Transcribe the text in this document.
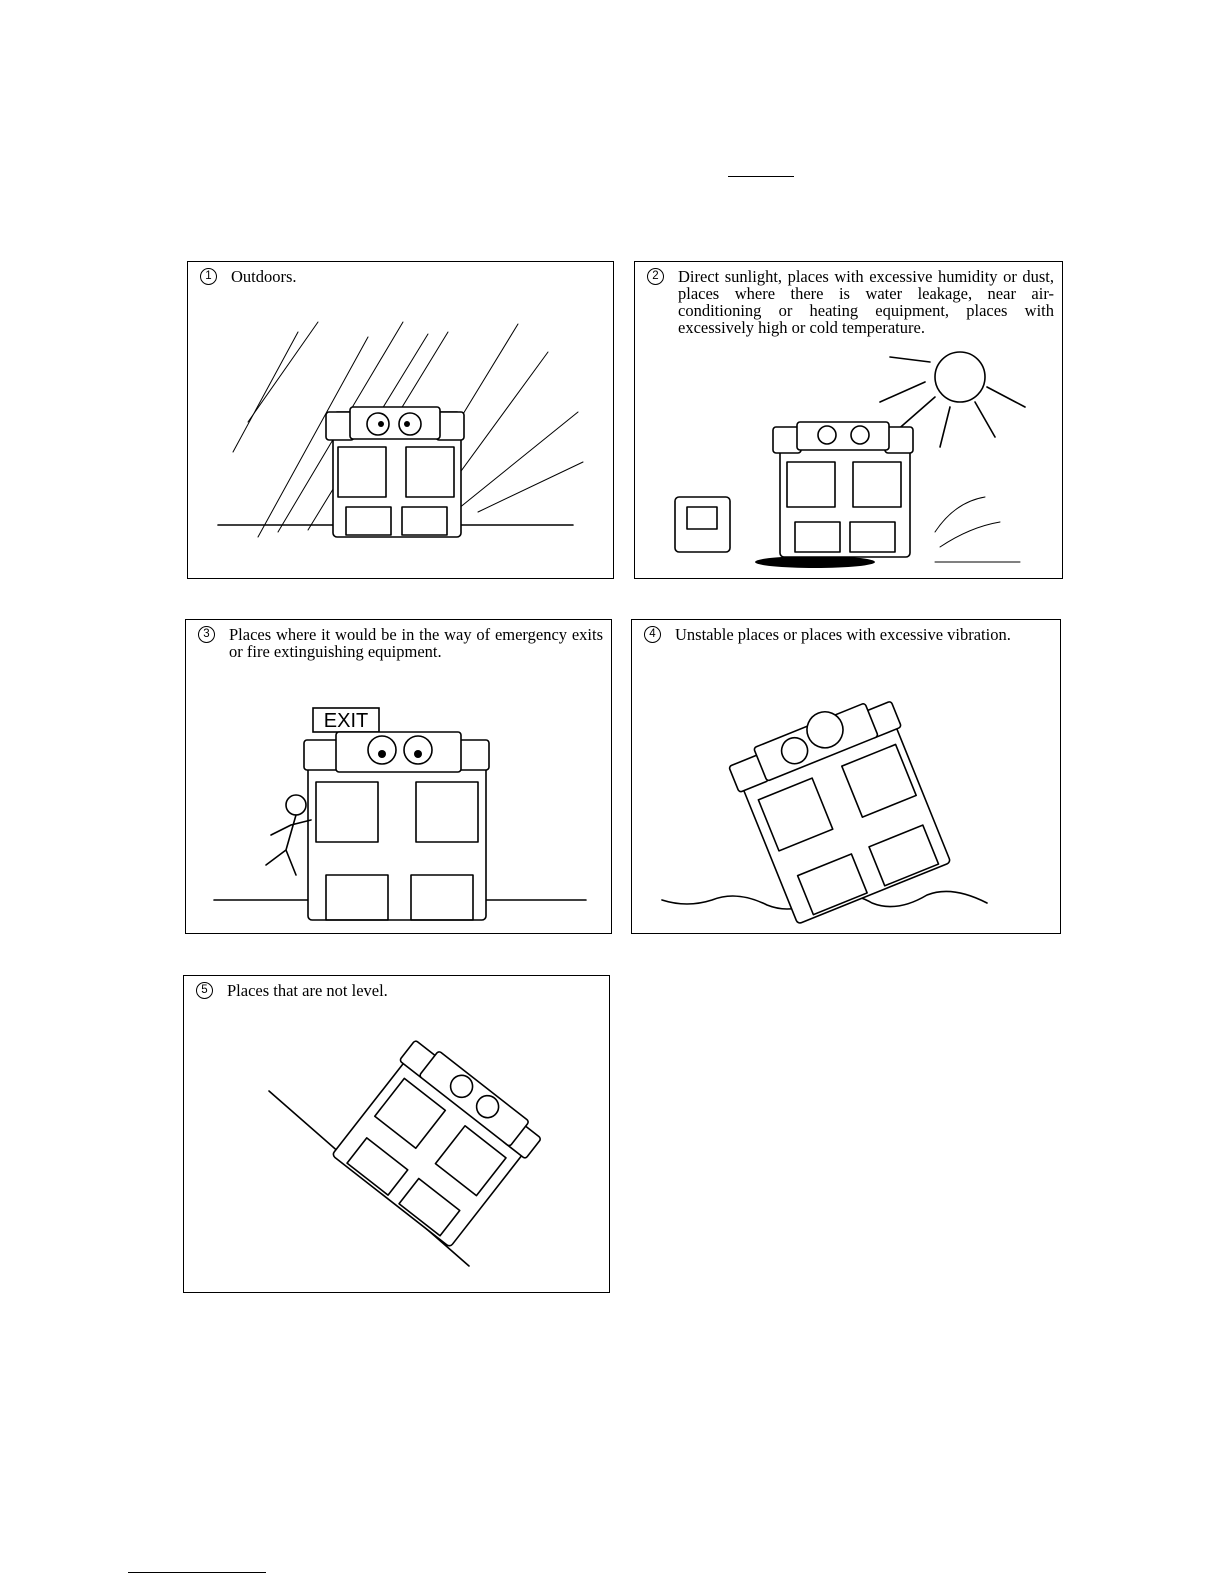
1	Outdoors.	2	Direct sunlight, places with excessive humidity or dust, places where there is water leakage, near air-conditioning or heating equipment, places with excessively high or cold temperature.
EXIT
3	Places where it would be in the way of emergency exits or fire extinguishing equipment.
4	Unstable places or places with excessive vibration.
5	Places that are not level.
